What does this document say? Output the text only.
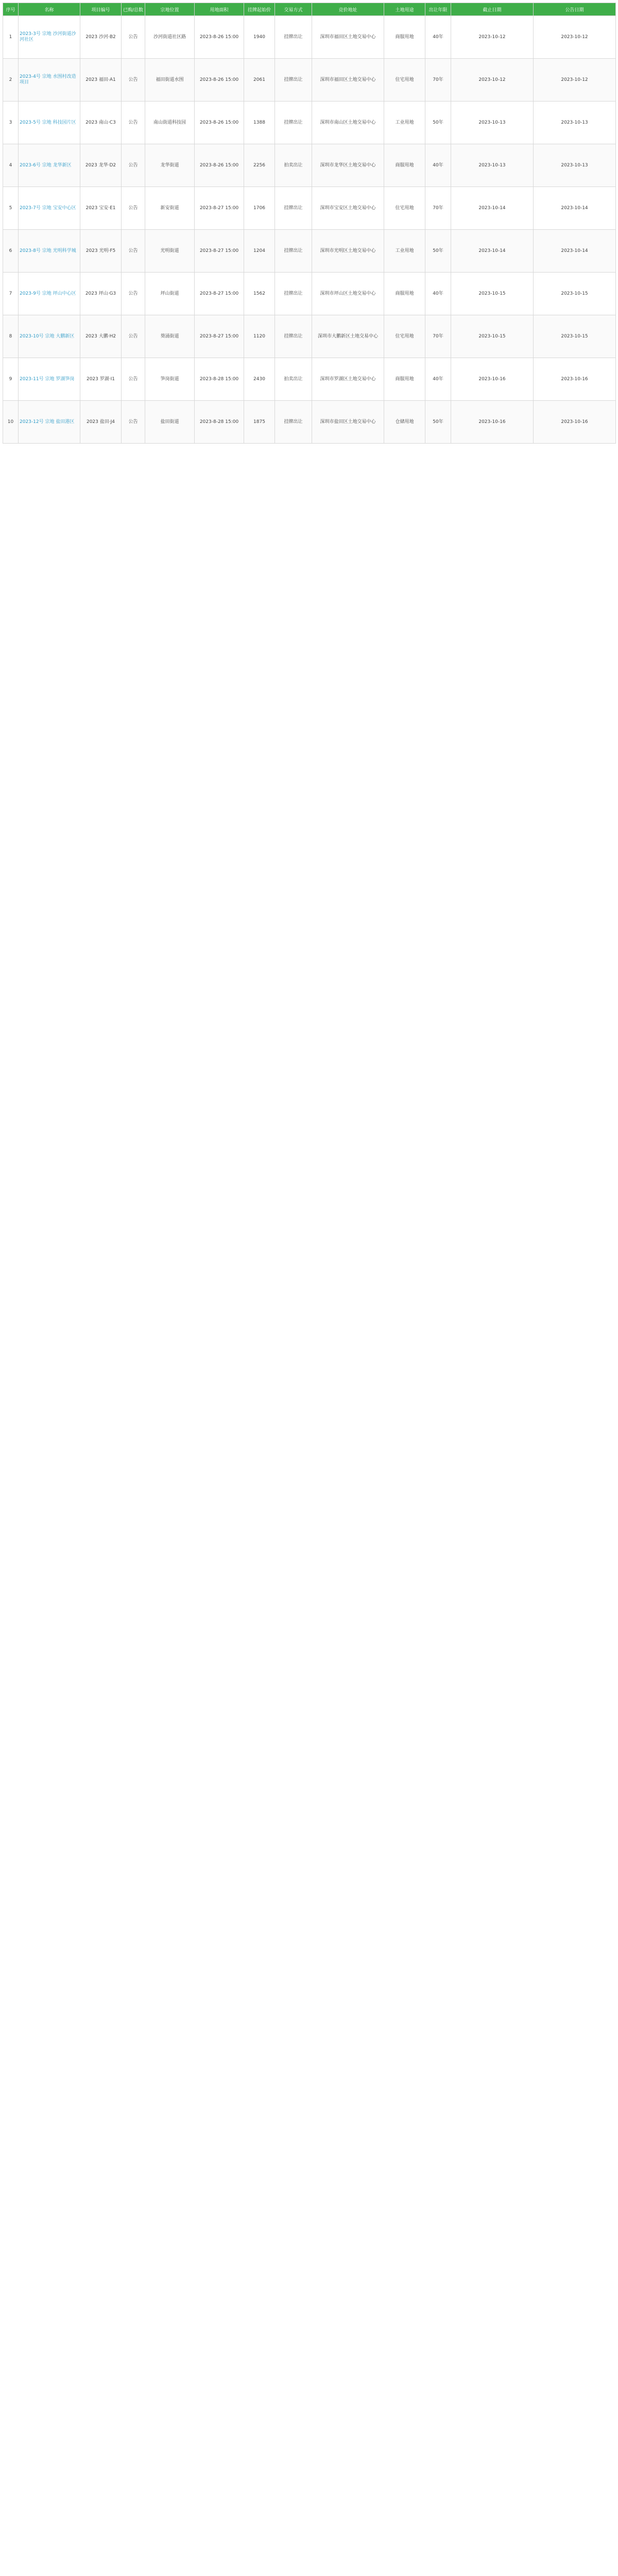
序号	名称	项目编号	已购/总数	宗地位置	用地面积	挂牌起始价	交易方式	竞价地址	土地用途	出让年限	截止日期	公告日期
1	2023-3号 宗地 沙河街道沙河社区	2023 沙河·B2	公告	沙河街道社区路	2023-8-26 15:00	1940	挂牌出让	深圳市福田区土地交易中心	商服用地	40年	2023-10-12	2023-10-12
2	2023-4号 宗地 水围村改造项目	2023 福田·A1	公告	福田街道水围	2023-8-26 15:00	2061	挂牌出让	深圳市福田区土地交易中心	住宅用地	70年	2023-10-12	2023-10-12
3	2023-5号 宗地 科技园片区	2023 南山·C3	公告	南山街道科技园	2023-8-26 15:00	1388	挂牌出让	深圳市南山区土地交易中心	工业用地	50年	2023-10-13	2023-10-13
4	2023-6号 宗地 龙华新区	2023 龙华·D2	公告	龙华街道	2023-8-26 15:00	2256	拍卖出让	深圳市龙华区土地交易中心	商服用地	40年	2023-10-13	2023-10-13
5	2023-7号 宗地 宝安中心区	2023 宝安·E1	公告	新安街道	2023-8-27 15:00	1706	挂牌出让	深圳市宝安区土地交易中心	住宅用地	70年	2023-10-14	2023-10-14
6	2023-8号 宗地 光明科学城	2023 光明·F5	公告	光明街道	2023-8-27 15:00	1204	挂牌出让	深圳市光明区土地交易中心	工业用地	50年	2023-10-14	2023-10-14
7	2023-9号 宗地 坪山中心区	2023 坪山·G3	公告	坪山街道	2023-8-27 15:00	1562	挂牌出让	深圳市坪山区土地交易中心	商服用地	40年	2023-10-15	2023-10-15
8	2023-10号 宗地 大鹏新区	2023 大鹏·H2	公告	葵涌街道	2023-8-27 15:00	1120	挂牌出让	深圳市大鹏新区土地交易中心	住宅用地	70年	2023-10-15	2023-10-15
9	2023-11号 宗地 罗湖笋岗	2023 罗湖·I1	公告	笋岗街道	2023-8-28 15:00	2430	拍卖出让	深圳市罗湖区土地交易中心	商服用地	40年	2023-10-16	2023-10-16
10	2023-12号 宗地 盐田港区	2023 盐田·J4	公告	盐田街道	2023-8-28 15:00	1875	挂牌出让	深圳市盐田区土地交易中心	仓储用地	50年	2023-10-16	2023-10-16
